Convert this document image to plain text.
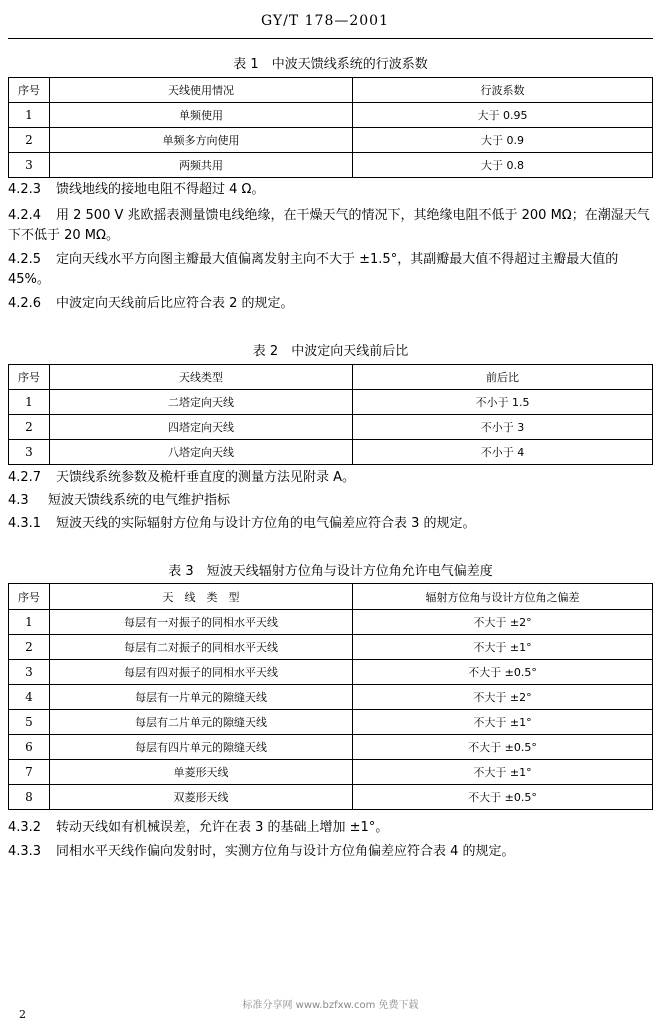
GY/T 178—2001
表 1　中波天馈线系统的行波系数
序号	天线使用情况	行波系数
1	单频使用	大于 0.95
2	单频多方向使用	大于 0.9
3	两频共用	大于 0.8
4.2.3 馈线地线的接地电阻不得超过 4 Ω。
4.2.4 用 2 500 V 兆欧摇表测量馈电线绝缘，在干燥天气的情况下，其绝缘电阻不低于 200 MΩ；在潮湿天气下不低于 20 MΩ。
4.2.5 定向天线水平方向图主瓣最大值偏离发射主向不大于 ±1.5°，其副瓣最大值不得超过主瓣最大值的 45%。
4.2.6 中波定向天线前后比应符合表 2 的规定。
表 2　中波定向天线前后比
序号	天线类型	前后比
1	二塔定向天线	不小于 1.5
2	四塔定向天线	不小于 3
3	八塔定向天线	不小于 4
4.2.7 天馈线系统参数及桅杆垂直度的测量方法见附录 A。
4.3 短波天馈线系统的电气维护指标
4.3.1 短波天线的实际辐射方位角与设计方位角的电气偏差应符合表 3 的规定。
表 3　短波天线辐射方位角与设计方位角允许电气偏差度
序号	天　线　类　型	辐射方位角与设计方位角之偏差
1	每层有一对振子的同相水平天线	不大于 ±2°
2	每层有二对振子的同相水平天线	不大于 ±1°
3	每层有四对振子的同相水平天线	不大于 ±0.5°
4	每层有一片单元的隙缝天线	不大于 ±2°
5	每层有二片单元的隙缝天线	不大于 ±1°
6	每层有四片单元的隙缝天线	不大于 ±0.5°
7	单菱形天线	不大于 ±1°
8	双菱形天线	不大于 ±0.5°
4.3.2 转动天线如有机械误差，允许在表 3 的基础上增加 ±1°。
4.3.3 同相水平天线作偏向发射时，实测方位角与设计方位角偏差应符合表 4 的规定。
标准分享网 www.bzfxw.com 免费下载
2
